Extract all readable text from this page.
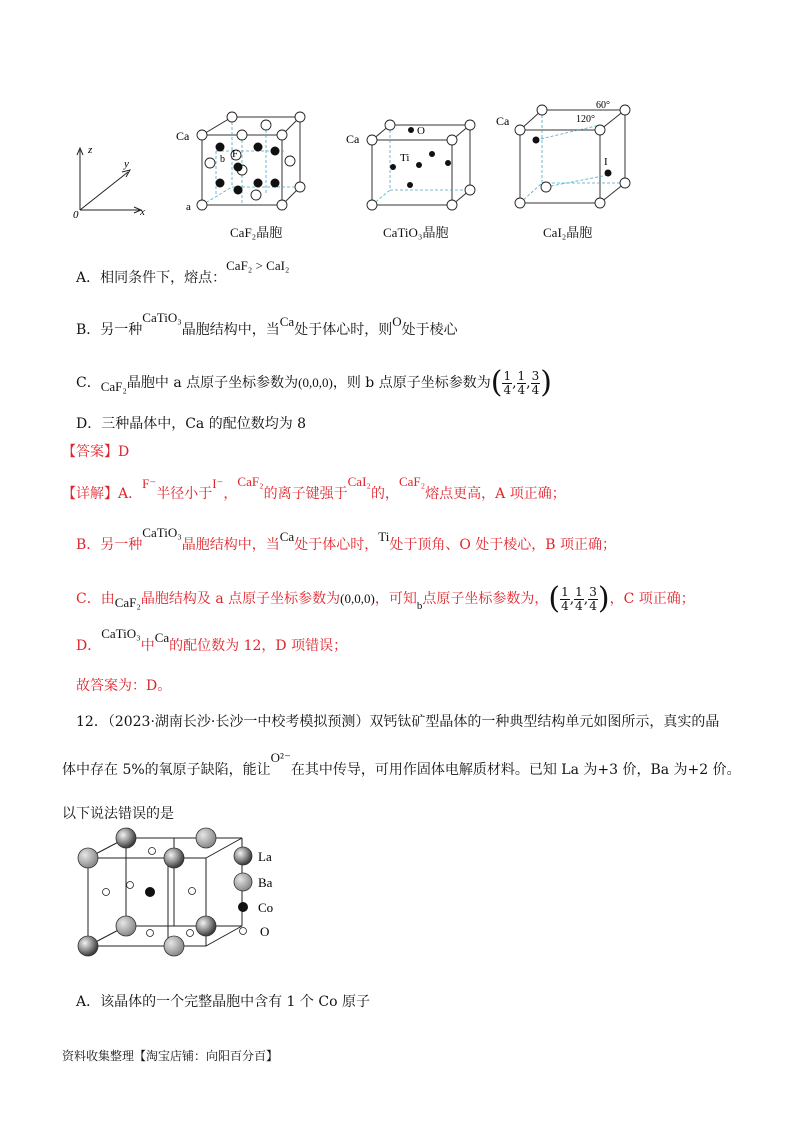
z
y
x
0
Ca
F
b
a
Ca
O
Ti
Ca
60°
120°
I
CaF₂晶胞	CaTiO₃晶胞	CaI₂晶胞
A．相同条件下，熔点：CaF₂ > CaI₂
B．另一种CaTiO₃晶胞结构中，当Ca处于体心时，则O处于棱心
C．CaF₂晶胞中 a 点原子坐标参数为(0,0,0)，则 b 点原子坐标参数为( $\frac{1}{4}$ , $\frac{1}{4}$ , $\frac{3}{4}$ )
D．三种晶体中，Ca 的配位数均为 8
【答案】D
【详解】A．F⁻半径小于I⁻，CaF₂的离子键强于CaI₂的，CaF₂熔点更高，A 项正确；
B．另一种CaTiO₃晶胞结构中，当Ca处于体心时，Ti处于顶角、O 处于棱心，B 项正确；
C．由CaF₂晶胞结构及 a 点原子坐标参数为(0,0,0)，可知$_b$点原子坐标参数为，( $\frac{1}{4}$ , $\frac{1}{4}$ , $\frac{3}{4}$ )，C 项正确；
D．CaTiO₃中Ca的配位数为 12，D 项错误；
故答案为：D。
12．（2023·湖南长沙·长沙一中校考模拟预测）双钙钛矿型晶体的一种典型结构单元如图所示，真实的晶
体中存在 5%的氧原子缺陷，能让O²⁻在其中传导，可用作固体电解质材料。已知 La 为+3 价，Ba 为+2 价。
以下说法错误的是
La
Ba
Co
O
A．该晶体的一个完整晶胞中含有 1 个 Co 原子
资料收集整理【淘宝店铺：向阳百分百】
